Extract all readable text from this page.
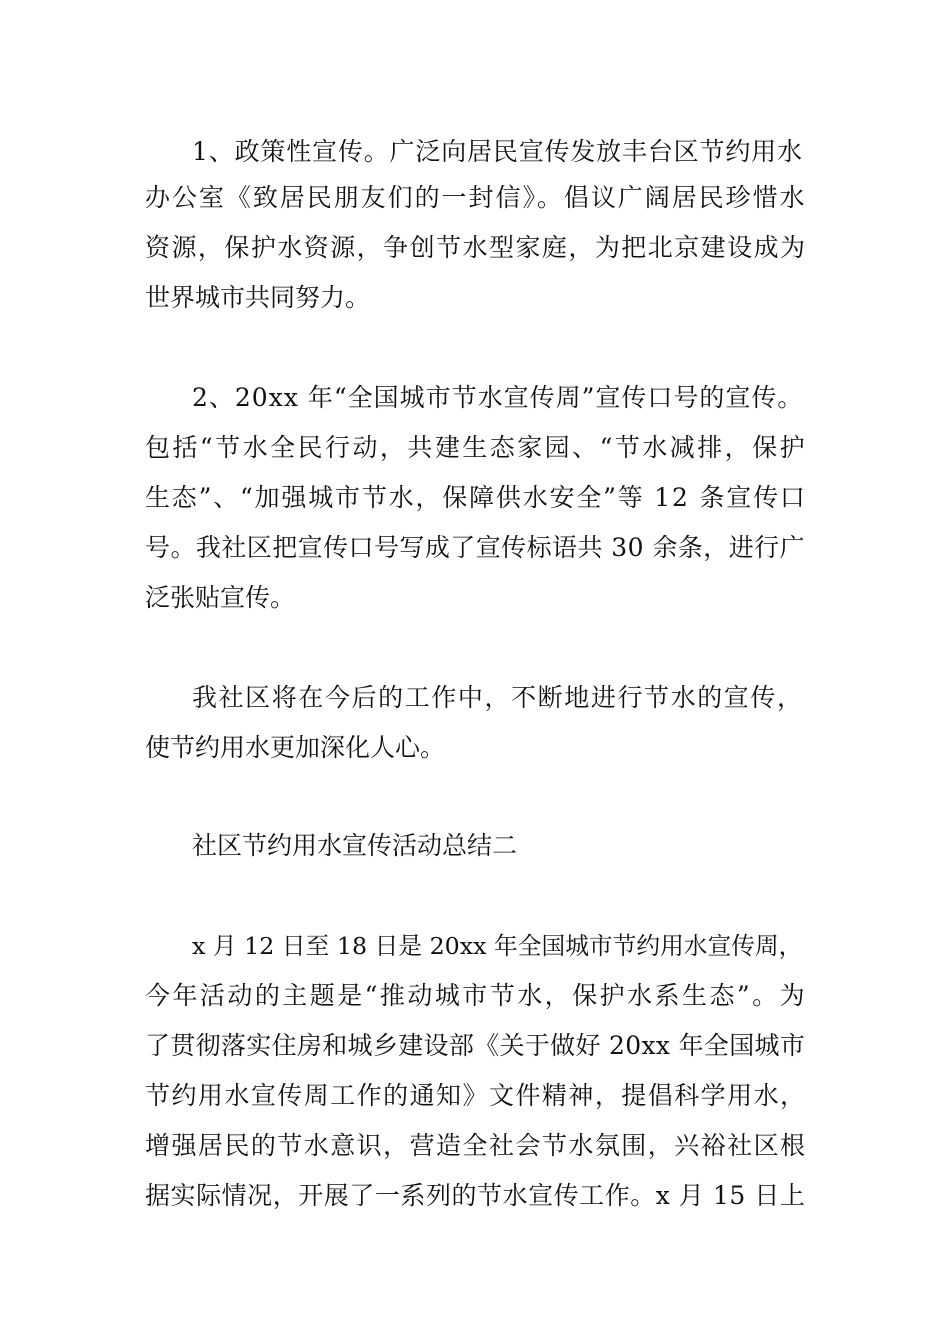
1、政策性宣传。广泛向居民宣传发放丰台区节约用水
办公室《致居民朋友们的一封信》。倡议广阔居民珍惜水
资源，保护水资源，争创节水型家庭，为把北京建设成为
世界城市共同努力。
2、20xx 年“全国城市节水宣传周”宣传口号的宣传。
包括“节水全民行动，共建生态家园、“节水减排，保护
生态”、“加强城市节水，保障供水安全”等 12 条宣传口
号。我社区把宣传口号写成了宣传标语共 30 余条，进行广
泛张贴宣传。
我社区将在今后的工作中，不断地进行节水的宣传，
使节约用水更加深化人心。
社区节约用水宣传活动总结二
x 月 12 日至 18 日是 20xx 年全国城市节约用水宣传周，
今年活动的主题是“推动城市节水，保护水系生态”。为
了贯彻落实住房和城乡建设部《关于做好 20xx 年全国城市
节约用水宣传周工作的通知》文件精神，提倡科学用水，
增强居民的节水意识，营造全社会节水氛围，兴裕社区根
据实际情况，开展了一系列的节水宣传工作。x 月 15 日上
